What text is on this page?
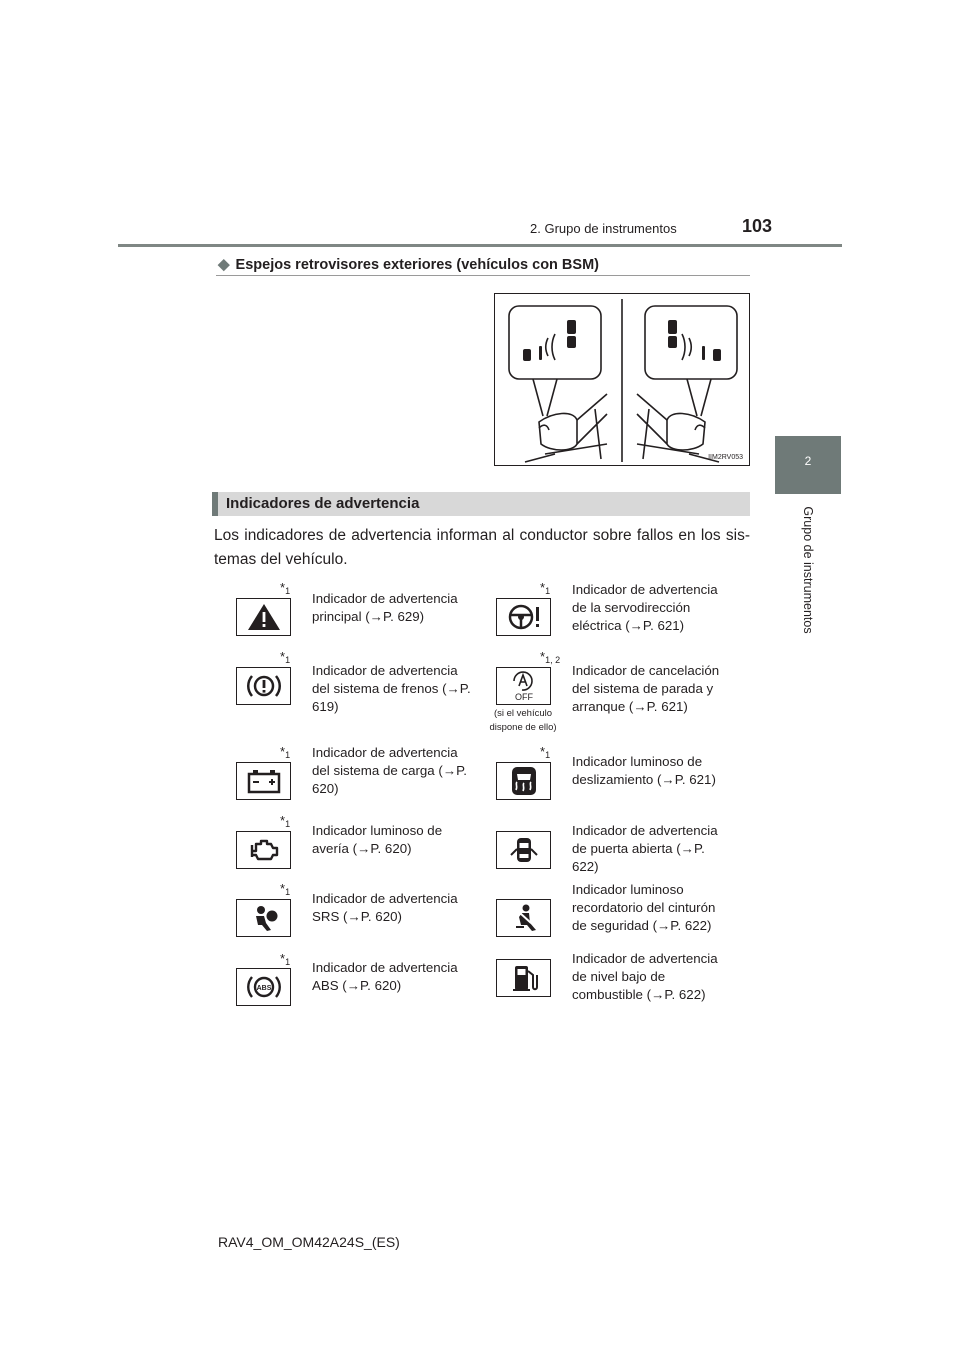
2. Grupo de instrumentos	103
2
Grupo de instrumentos
◆ Espejos retrovisores exteriores (vehículos con BSM)
IIM2RV053
Indicadores de advertencia
Los indicadores de advertencia informan al conductor sobre fallos en los sis-temas del vehículo.
$*_1$ Indicador de advertencia principal (→P. 629)
$*_1$ Indicador de advertencia de la servodirección eléctrica (→P. 621)
$*_1$
Indicador de advertencia del sistema de frenos (→P. 619)
$*_{1, 2}$
OFF
(si el vehículo dispone de ello)
Indicador de cancelación del sistema de parada y arranque (→P. 621)
$*_1$ Indicador de advertencia del sistema de carga (→P. 620)
$*_1$ Indicador luminoso de deslizamiento (→P. 621)
$*_1$ Indicador luminoso de avería (→P. 620)
Indicador de advertencia de puerta abierta (→P. 622)
$*_1$ Indicador de advertencia SRS (→P. 620)
Indicador luminoso recordatorio del cinturón de seguridad (→P. 622)
$*_1$
ABS
Indicador de advertencia ABS (→P. 620)
Indicador de advertencia de nivel bajo de combustible (→P. 622)
RAV4_OM_OM42A24S_(ES)
